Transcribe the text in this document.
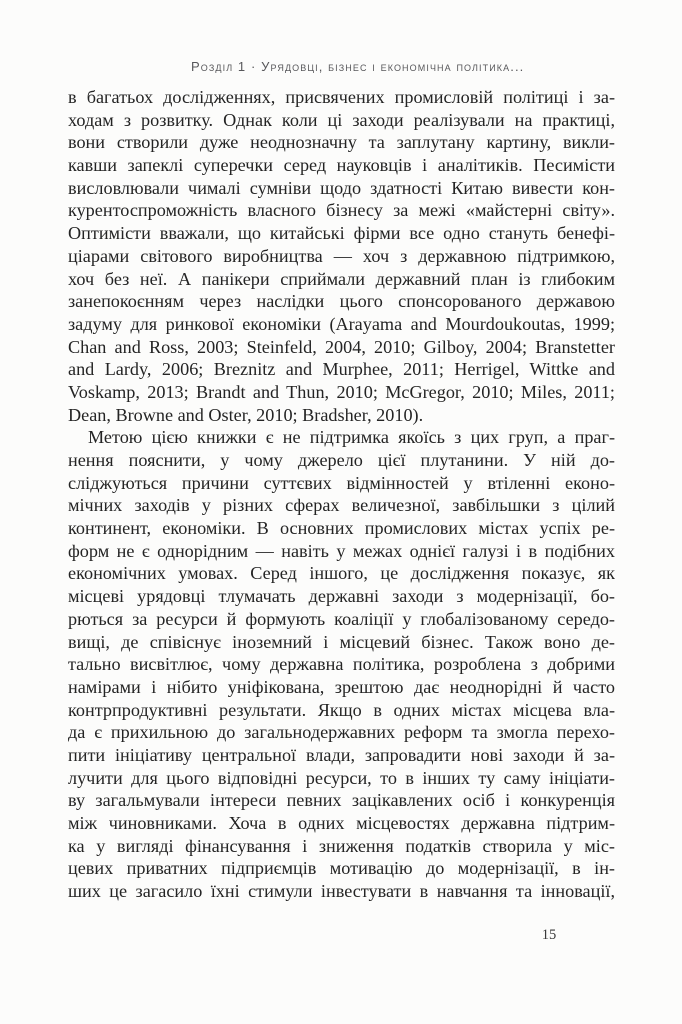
Розділ 1 · Урядовці, бізнес і економічна політика...
в багатьох дослідженнях, присвячених промисловій політиці і за-
ходам з розвитку. Однак коли ці заходи реалізували на практиці,
вони створили дуже неоднозначну та заплутану картину, викли-
кавши запеклі суперечки серед науковців і аналітиків. Песимісти
висловлювали чималі сумніви щодо здатності Китаю вивести кон-
курентоспроможність власного бізнесу за межі «майстерні світу».
Оптимісти вважали, що китайські фірми все одно стануть бенефі-
ціарами світового виробництва — хоч з державною підтримкою,
хоч без неї. А панікери сприймали державний план із глибоким
занепокоєнням через наслідки цього спонсорованого державою
задуму для ринкової економіки (Arayama and Mourdoukoutas, 1999;
Chan and Ross, 2003; Steinfeld, 2004, 2010; Gilboy, 2004; Branstetter
and Lardy, 2006; Breznitz and Murphee, 2011; Herrigel, Wittke and
Voskamp, 2013; Brandt and Thun, 2010; McGregor, 2010; Miles, 2011;
Dean, Browne and Oster, 2010; Bradsher, 2010).
Метою цією книжки є не підтримка якоїсь з цих груп, а праг-
нення пояснити, у чому джерело цієї плутанини. У ній до-
сліджуються причини суттєвих відмінностей у втіленні еконо-
мічних заходів у різних сферах величезної, завбільшки з цілий
континент, економіки. В основних промислових містах успіх ре-
форм не є однорідним — навіть у межах однієї галузі і в подібних
економічних умовах. Серед іншого, це дослідження показує, як
місцеві урядовці тлумачать державні заходи з модернізації, бо-
рються за ресурси й формують коаліції у глобалізованому середо-
вищі, де співіснує іноземний і місцевий бізнес. Також воно де-
тально висвітлює, чому державна політика, розроблена з добрими
намірами і нібито уніфікована, зрештою дає неоднорідні й часто
контрпродуктивні результати. Якщо в одних містах місцева вла-
да є прихильною до загальнодержавних реформ та змогла перехо-
пити ініціативу центральної влади, запровадити нові заходи й за-
лучити для цього відповідні ресурси, то в інших ту саму ініціати-
ву загальмували інтереси певних зацікавлених осіб і конкуренція
між чиновниками. Хоча в одних місцевостях державна підтрим-
ка у вигляді фінансування і зниження податків створила у міс-
цевих приватних підприємців мотивацію до модернізації, в ін-
ших це загасило їхні стимули інвестувати в навчання та інновації,
15
